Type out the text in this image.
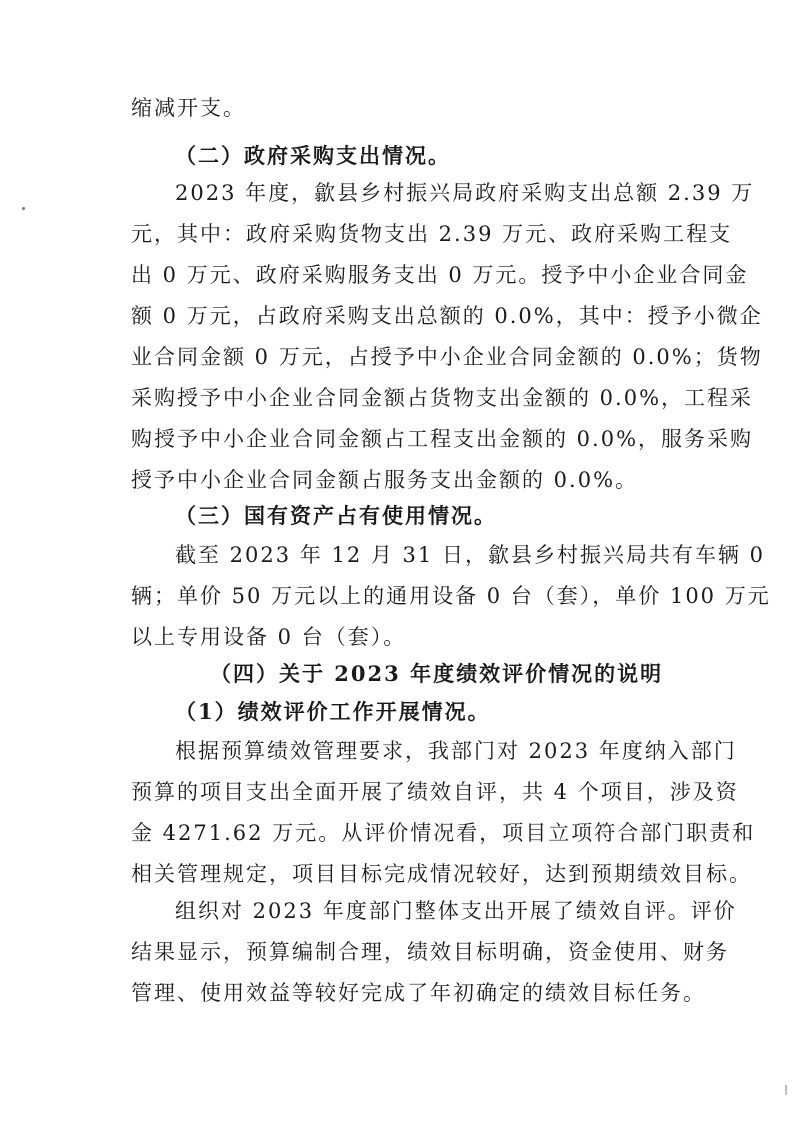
缩减开支。
（二）政府采购支出情况。
2023 年度，歙县乡村振兴局政府采购支出总额 2.39 万
元，其中：政府采购货物支出 2.39 万元、政府采购工程支
出 0 万元、政府采购服务支出 0 万元。授予中小企业合同金
额 0 万元，占政府采购支出总额的 0.0%，其中：授予小微企
业合同金额 0 万元，占授予中小企业合同金额的 0.0%；货物
采购授予中小企业合同金额占货物支出金额的 0.0%，工程采
购授予中小企业合同金额占工程支出金额的 0.0%，服务采购
授予中小企业合同金额占服务支出金额的 0.0%。
（三）国有资产占有使用情况。
截至 2023 年 12 月 31 日，歙县乡村振兴局共有车辆 0
辆；单价 50 万元以上的通用设备 0 台（套），单价 100 万元
以上专用设备 0 台（套）。
（四）关于 2023 年度绩效评价情况的说明
（1）绩效评价工作开展情况。
根据预算绩效管理要求，我部门对 2023 年度纳入部门
预算的项目支出全面开展了绩效自评，共 4 个项目，涉及资
金 4271.62 万元。从评价情况看，项目立项符合部门职责和
相关管理规定，项目目标完成情况较好，达到预期绩效目标。
组织对 2023 年度部门整体支出开展了绩效自评。评价
结果显示，预算编制合理，绩效目标明确，资金使用、财务
管理、使用效益等较好完成了年初确定的绩效目标任务。
